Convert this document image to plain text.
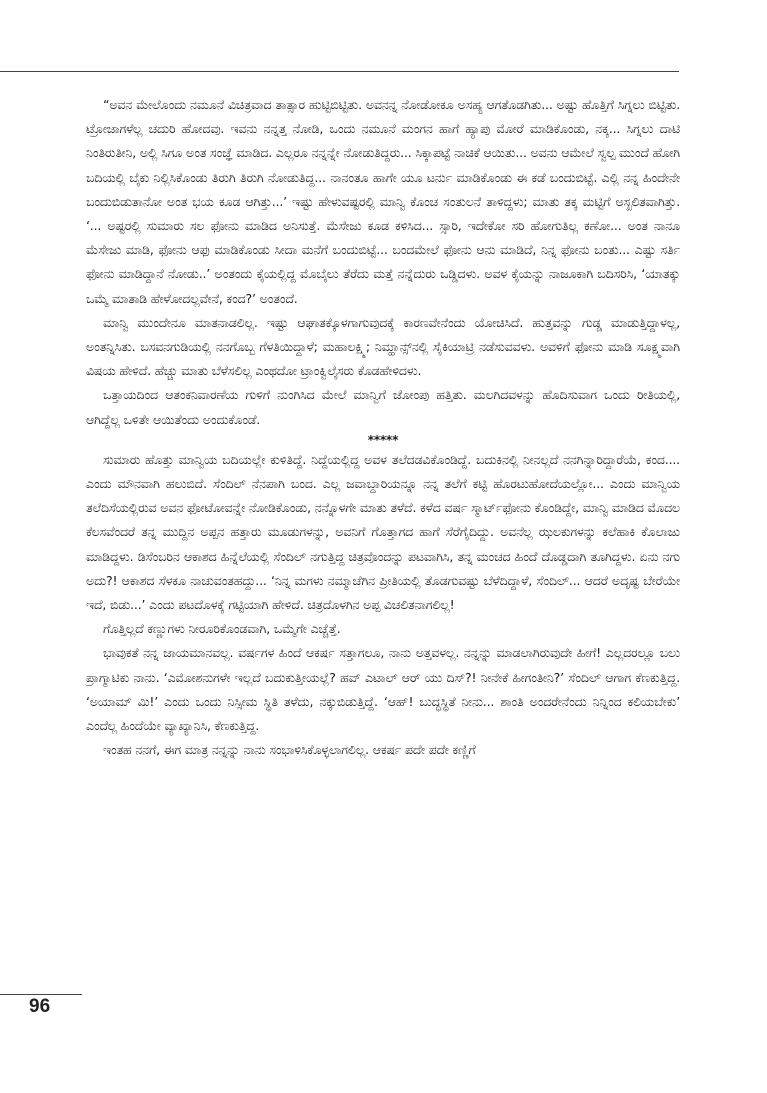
“ಅವನ ಮೇಲೊಂದು ನಮೂನೆ ವಿಚಿತ್ರವಾದ ತಾತ್ಸಾರ ಹುಟ್ಟಿಬಿಟ್ಟಿತು. ಅವನನ್ನ ನೋಡೋಕೂ ಅಸಹ್ಯ ಆಗತೊಡಗಿತು... ಅಷ್ಟು ಹೊತ್ತಿಗೆ ಸಿಗ್ನಲು ಬಿಟ್ಟಿತು. ಟ್ರೋಜಾಗಳೆಲ್ಲ ಚದುರಿ ಹೋದವು. ಇವನು ನನ್ನತ್ತ ನೋಡಿ, ಒಂದು ನಮೂನೆ ಮಂಗನ ಹಾಗೆ ಹ್ಯಾಪು ಮೋರೆ ಮಾಡಿಕೊಂಡು, ನಕ್ಕ... ಸಿಗ್ನಲು ದಾಟಿ ನಿಂತಿರುತೀನಿ, ಅಲ್ಲಿ ಸಿಗೂ ಅಂತ ಸಂಜ್ಞೆ ಮಾಡಿದ. ಎಲ್ಲರೂ ನನ್ನನ್ನೇ ನೋಡುತಿದ್ದರು... ಸಿಕ್ಕಾಪಟ್ಟೆ ನಾಚಿಕೆ ಆಯಿತು... ಅವನು ಆಮೇಲೆ ಸ್ವಲ್ಪ ಮುಂದೆ ಹೋಗಿ ಬದಿಯಲ್ಲಿ ಬೈಕು ನಿಲ್ಲಿಸಿಕೊಂಡು ತಿರುಗಿ ತಿರುಗಿ ನೋಡುತಿದ್ದ... ನಾನಂತೂ ಹಾಗೇ ಯೂ ಟರ್ನು ಮಾಡಿಕೊಂಡು ಈ ಕಡೆ ಬಂದುಬಿಟ್ಟೆ. ಎಲ್ಲಿ ನನ್ನ ಹಿಂದೇನೇ ಬಂದುಬಿಡುತಾನೋ ಅಂತ ಭಯ ಕೂಡ ಆಗಿತ್ತು...’ ಇಷ್ಟು ಹೇಳುವಷ್ಟರಲ್ಲಿ ಮಾನ್ವಿ ಕೊಂಚ ಸಂತುಲನೆ ತಾಳಿದ್ದಳು; ಮಾತು ತಕ್ಕ ಮಟ್ಟಿಗೆ ಅಸ್ಖಲಿತವಾಗಿತ್ತು. ‘... ಅಷ್ಟರಲ್ಲಿ ಸುಮಾರು ಸಲ ಫೋನು ಮಾಡಿದ ಅನಿಸುತ್ತೆ. ಮೆಸೇಜು ಕೂಡ ಕಳಿಸಿದ... ಸ್ಸಾರಿ, ಇದೇಕೋ ಸರಿ ಹೋಗುತಿಲ್ಲ ಕಣೋ... ಅಂತ ನಾನೂ ಮೆಸೇಜು ಮಾಡಿ, ಫೋನು ಆಫು ಮಾಡಿಕೊಂಡು ಸೀದಾ ಮನೆಗೆ ಬಂದುಬಿಟ್ಟೆ... ಬಂದಮೇಲೆ ಫೋನು ಆನು ಮಾಡಿದೆ, ನಿನ್ನ ಫೋನು ಬಂತು... ಎಷ್ಟು ಸರ್ತಿ ಫೋನು ಮಾಡಿದ್ದಾನೆ ನೋಡು..’ ಅಂತಂದು ಕೈಯಲ್ಲಿದ್ದ ಮೊಬೈಲು ತೆರೆದು ಮತ್ತೆ ನನ್ನೆದುರು ಒಡ್ಡಿದಳು. ಅವಳ ಕೈಯನ್ನು ನಾಜೂಕಾಗಿ ಬದಿಸರಿಸಿ, ‘ಯಾತಕ್ಕು ಒಮ್ಮೆ ಮಾತಾಡಿ ಹೇಳೋದಲ್ಲವೇನೆ, ಕಂದ?’ ಅಂತಂದೆ.

ಮಾನ್ವಿ ಮುಂದೇನೂ ಮಾತನಾಡಲಿಲ್ಲ. ಇಷ್ಟು ಆಘಾತಕ್ಕೊಳಗಾಗುವುದಕ್ಕೆ ಕಾರಣವೇನೆಂದು ಯೋಚಿಸಿದೆ. ಹುತ್ತವನ್ನು ಗುಡ್ಡ ಮಾಡುತ್ತಿದ್ದಾಳಲ್ಲ, ಅಂತನ್ನಿಸಿತು. ಬಸವನಗುಡಿಯಲ್ಲಿ ನನಗೊಬ್ಬ ಗೆಳತಿಯಿದ್ದಾಳೆ; ಮಹಾಲಕ್ಷ್ಮಿ; ನಿಮ್ಹಾನ್ಸ್‌ನಲ್ಲಿ ಸೈಕಿಯಾಟ್ರಿ ನಡೆಸುವವಳು. ಅವಳಿಗೆ ಫೋನು ಮಾಡಿ ಸೂಕ್ಷ್ಮವಾಗಿ ವಿಷಯ ಹೇಳಿದೆ. ಹೆಚ್ಚು ಮಾತು ಬೆಳೆಸಲಿಲ್ಲ ಎಂಥದೋ ಟ್ರಾಂಕ್ವಿಲೈಸರು ಕೊಡಹೇಳಿದಳು.

ಒತ್ತಾಯದಿಂದ ಆತಂಕನಿವಾರಣೆಯ ಗುಳಿಗೆ ನುಂಗಿಸಿದ ಮೇಲೆ ಮಾನ್ವಿಗೆ ಜೋಂಪು ಹತ್ತಿತು. ಮಲಗಿದವಳನ್ನು ಹೊದಿಸುವಾಗ ಒಂದು ರೀತಿಯಲ್ಲಿ, ಆಗಿದ್ದೆಲ್ಲ ಒಳಿತೇ ಆಯಿತೆಂದು ಅಂದುಕೊಂಡೆ.

*****

ಸುಮಾರು ಹೊತ್ತು ಮಾನ್ವಿಯ ಬದಿಯಲ್ಲೇ ಕುಳಿತಿದ್ದೆ. ನಿದ್ದೆಯಲ್ಲಿದ್ದ ಅವಳ ತಲೆದಡವಿಕೊಂಡಿದ್ದೆ. ಬದುಕಿನಲ್ಲಿ ನೀನಲ್ಲದೆ ನನಗಿನ್ನಾರಿದ್ದಾರೆಯೆ, ಕಂದ.... ಎಂದು ಮೌನವಾಗಿ ಹಲುಬಿದೆ. ಸೆಂದಿಲ್ ನೆನಪಾಗಿ ಬಂದ. ಎಲ್ಲ ಜವಾಬ್ದಾರಿಯನ್ನೂ ನನ್ನ ತಲೆಗೆ ಕಟ್ಟಿ ಹೊರಟುಹೋದೆಯಲ್ಲೋ... ಎಂದು ಮಾನ್ವಿಯ ತಲೆದಿಸೆಯಲ್ಲಿರುವ ಅವನ ಫೋಟೋವನ್ನೇ ನೋಡಿಕೊಂಡು, ನನ್ನೊಳಗೇ ಮಾತು ತಳೆದೆ. ಕಳೆದ ವರ್ಷ ಸ್ಮಾರ್ಟ್‌ಫೋನು ಕೊಂಡಿದ್ದೇ, ಮಾನ್ವಿ ಮಾಡಿದ ಮೊದಲ ಕೆಲಸವೆಂದರೆ ತನ್ನ ಮುದ್ದಿನ ಅಪ್ಪನ ಹತ್ತಾರು ಮೂಡುಗಳನ್ನು, ಅವನಿಗೆ ಗೊತ್ತಾಗದ ಹಾಗೆ ಸೆರೆಗೈದಿದ್ದು. ಅವನೆಲ್ಲ ಝಲಕುಗಳನ್ನು ಕಲೆಹಾಕಿ ಕೊಲಾಜು ಮಾಡಿದ್ದಳು. ಡಿಸೆಂಬರಿನ ಆಕಾಶದ ಹಿನ್ನೆಲೆಯಲ್ಲಿ ಸೆಂದಿಲ್ ನಗುತ್ತಿದ್ದ ಚಿತ್ರವೊಂದನ್ನು ಪಟವಾಗಿಸಿ, ತನ್ನ ಮಂಚದ ಹಿಂದೆ ದೊಡ್ಡದಾಗಿ ತೂಗಿದ್ದಳು. ಏನು ನಗು ಅದು?! ಆಕಾಶದ ಸೆಳಕೂ ನಾಚುವಂತಹದ್ದು... ‘ನಿನ್ನ ಮಗಳು ನಮ್ಮಾಚೆಗಿನ ಪ್ರೀತಿಯಲ್ಲಿ ತೊಡಗುವಷ್ಟು ಬೆಳೆದಿದ್ದಾಳೆ, ಸೆಂದಿಲ್... ಆದರೆ ಅದೃಷ್ಟ ಬೇರೆಯೇ ಇದೆ, ಬಿಡು...’ ಎಂದು ಪಟದೊಳಕ್ಕೆ ಗಟ್ಟಿಯಾಗಿ ಹೇಳಿದೆ. ಚಿತ್ರದೊಳಗಿನ ಅಪ್ಪ ವಿಚಲಿತನಾಗಲಿಲ್ಲ!

ಗೊತ್ತಿಲ್ಲದೆ ಕಣ್ಣುಗಳು ನೀರೂರಿಕೊಂಡವಾಗಿ, ಒಮ್ಮೆಗೇ ಎಚ್ಚೆತ್ತೆ.

ಭಾವುಕತೆ ನನ್ನ ಜಾಯಮಾನವಲ್ಲ. ವರ್ಷಗಳ ಹಿಂದೆ ಆಕರ್ಷ ಸತ್ತಾಗಲೂ, ನಾನು ಅತ್ತವಳಲ್ಲ. ನನ್ನನ್ನು ಮಾಡಲಾಗಿರುವುದೇ ಹೀಗೆ! ಎಲ್ಲದರಲ್ಲೂ ಬಲು ಪ್ರಾಗ್ಮಾಟಿಕು ನಾನು. ‘ಎಮೋಶನುಗಳೇ ಇಲ್ಲದೆ ಬದುಕುತ್ತೀಯಲ್ಲೆ? ಹವ್ ಎಟಾಲ್ ಆರ್ ಯು ದಿಸ್?! ನೀನೇಕೆ ಹೀಗಂತೀನಿ?’ ಸೆಂದಿಲ್ ಆಗಾಗ ಕೆಣಕುತ್ತಿದ್ದ. ‘ಅಯಾಮ್ ಮಿ!’ ಎಂದು ಒಂದು ನಿಸ್ಸೀಮ ಸ್ಥಿತಿ ತಳೆದು, ನಕ್ಕುಬಿಡುತ್ತಿದ್ದೆ. ‘ಆಹ್! ಬುದ್ಧಸ್ಥಿತೆ ನೀನು... ಶಾಂತಿ ಅಂದರೇನೆಂದು ನಿನ್ನಿಂದ ಕಲಿಯಬೇಕು’ ಎಂದೆಲ್ಲ ಹಿಂದೆಯೇ ವ್ಯಾಖ್ಯಾನಿಸಿ, ಕೆಣಕುತ್ತಿದ್ದ.

ಇಂತಹ ನನಗೆ, ಈಗ ಮಾತ್ರ ನನ್ನನ್ನು ನಾನು ಸಂಭಾಳಿಸಿಕೊಳ್ಳಲಾಗಲಿಲ್ಲ. ಆಕರ್ಷ ಪದೇ ಪದೇ ಕಣ್ಣಿಗೆ

96
